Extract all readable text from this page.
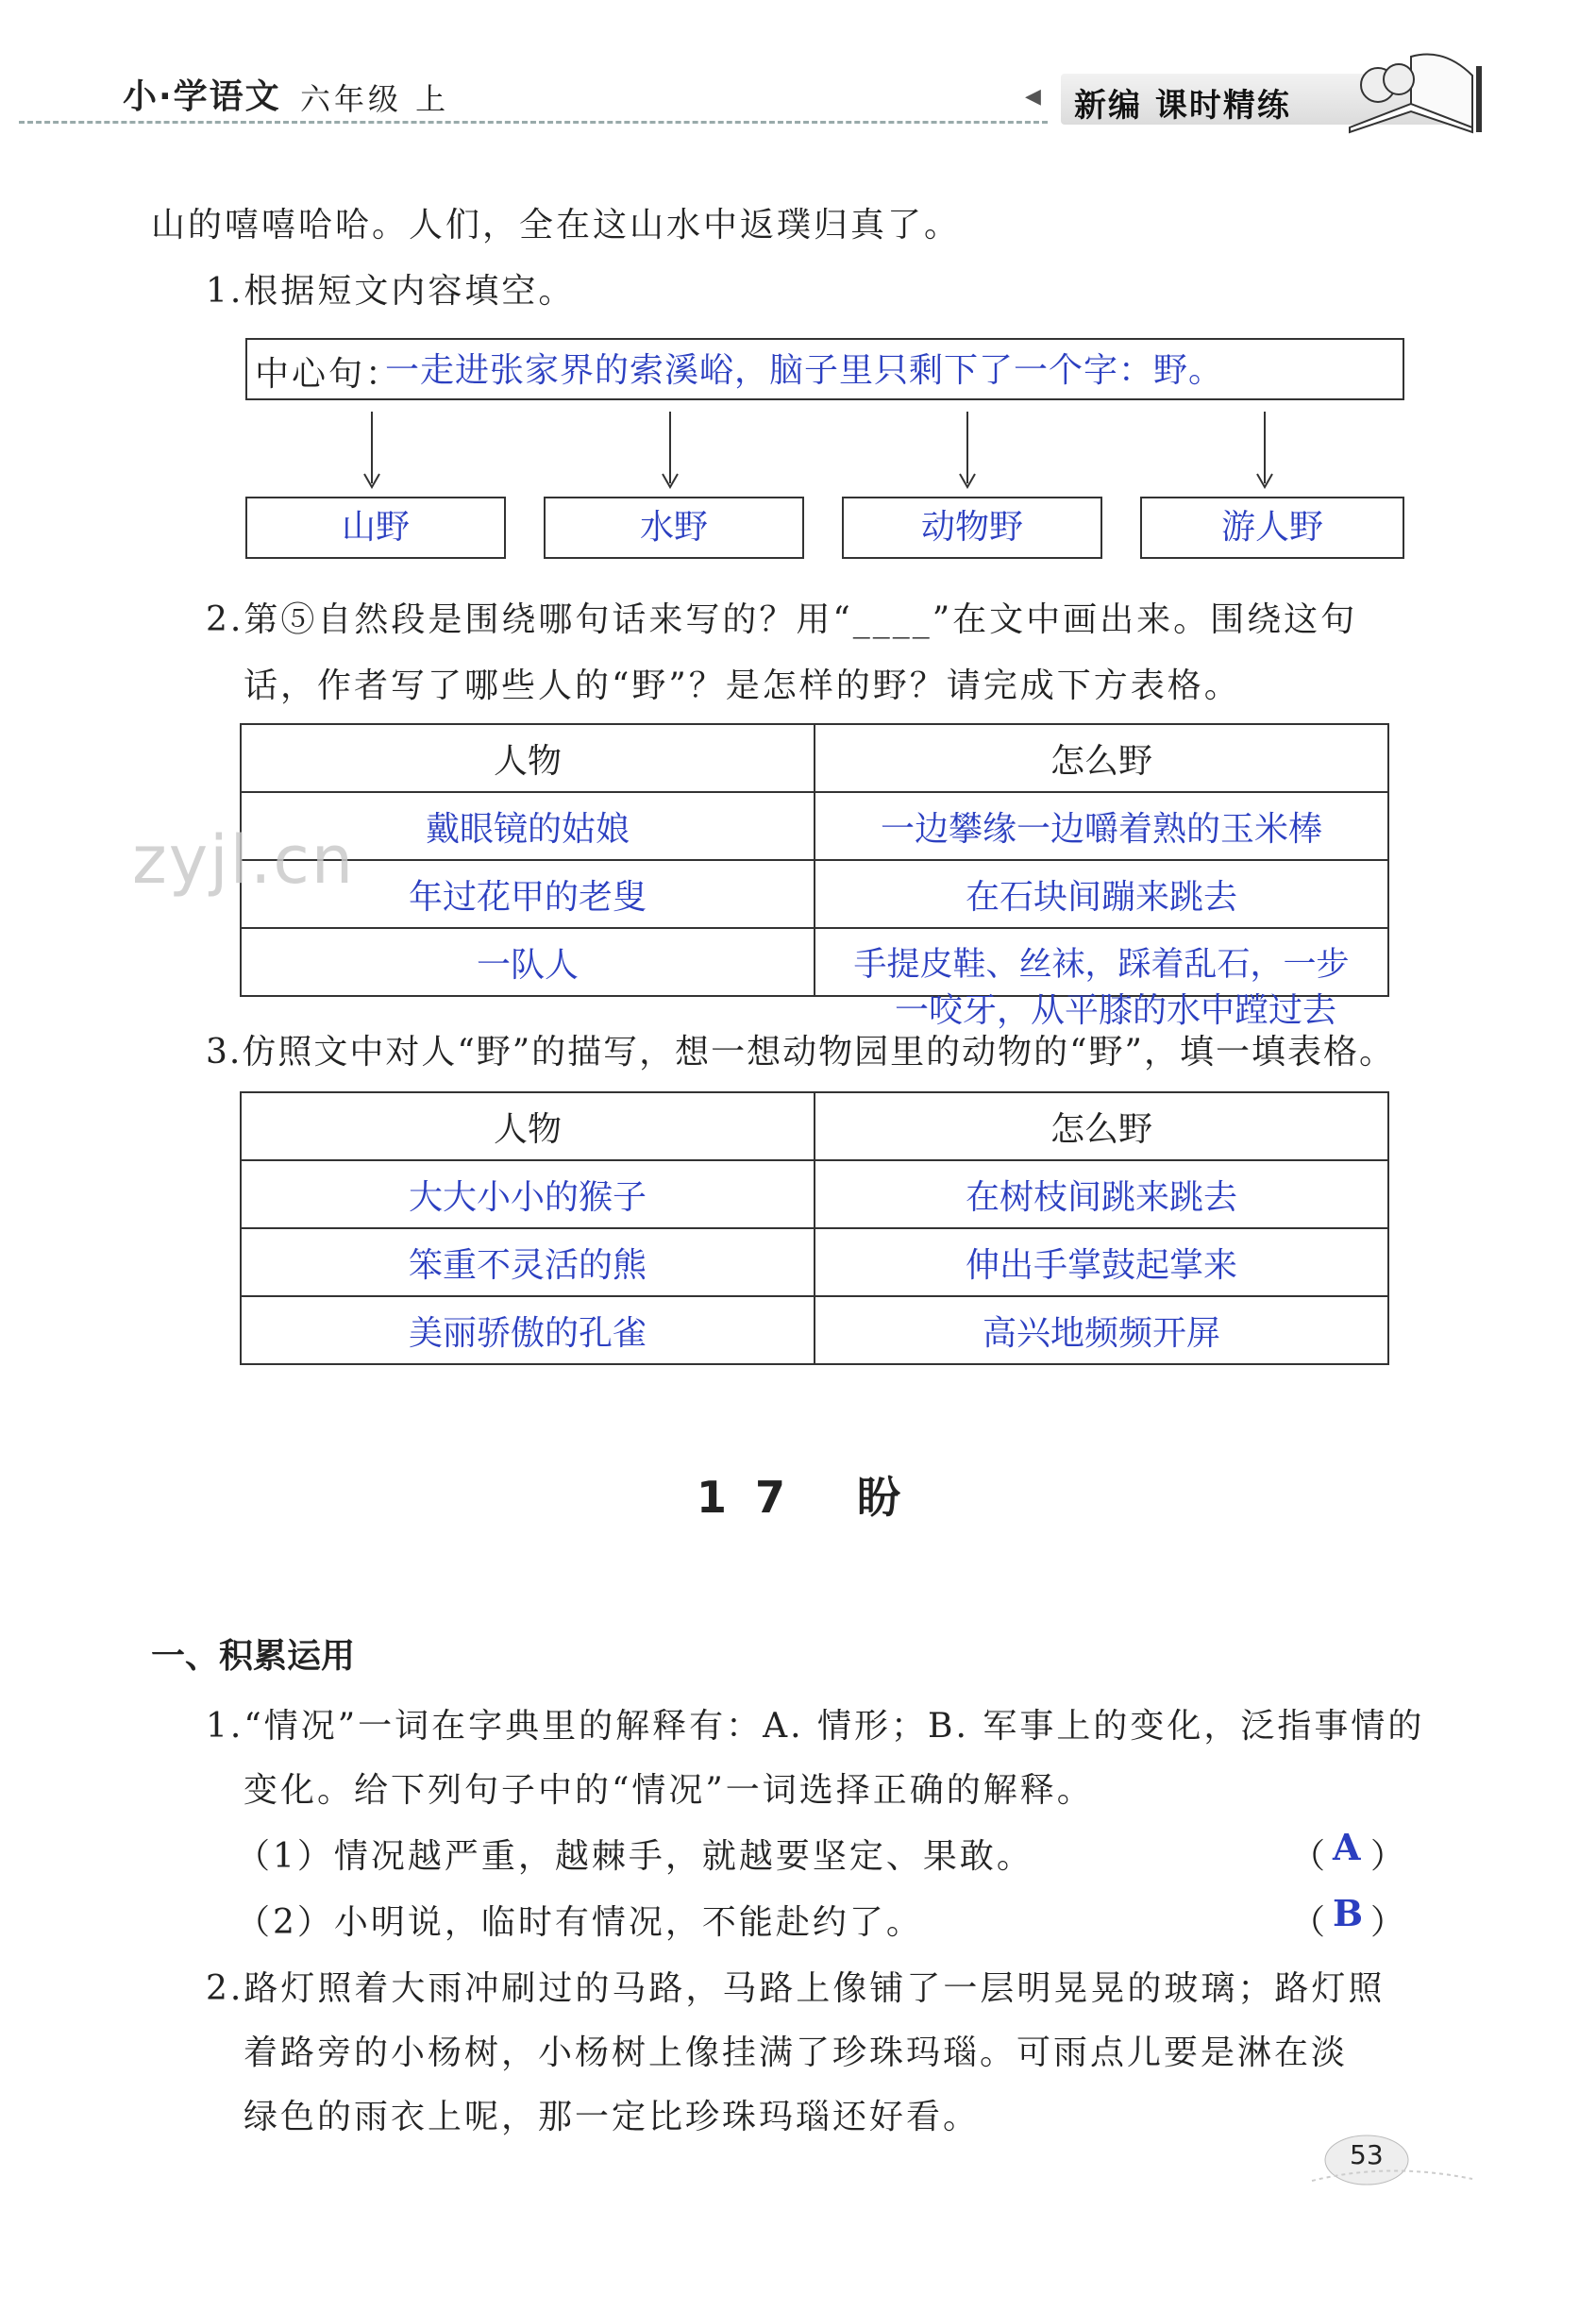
小·学语文 六年级 上	◀ 新编 课时精练
山的嘻嘻哈哈。人们，全在这山水中返璞归真了。
1.根据短文内容填空。
中心句：
一走进张家界的索溪峪，脑子里只剩下了一个字：野。
山野	水野	动物野	游人野
2.第⑤自然段是围绕哪句话来写的？用“____”在文中画出来。围绕这句
话，作者写了哪些人的“野”？是怎样的野？请完成下方表格。
人物	怎么野
戴眼镜的姑娘	一边攀缘一边嚼着熟的玉米棒
年过花甲的老叟	在石块间蹦来跳去
一队人	手提皮鞋、丝袜，踩着乱石，一步
一咬牙，从平膝的水中蹚过去
zyjl.cn
3.仿照文中对人“野”的描写，想一想动物园里的动物的“野”，填一填表格。
人物	怎么野
大大小小的猴子	在树枝间跳来跳去
笨重不灵活的熊	伸出手掌鼓起掌来
美丽骄傲的孔雀	高兴地频频开屏
17 盼
一、积累运用
1.“情况”一词在字典里的解释有：A. 情形；B. 军事上的变化，泛指事情的
变化。给下列句子中的“情况”一词选择正确的解释。
（1）情况越严重，越棘手，就越要坚定、果敢。	（ A ）
（2）小明说，临时有情况，不能赴约了。	（ B ）
2.路灯照着大雨冲刷过的马路，马路上像铺了一层明晃晃的玻璃；路灯照
着路旁的小杨树，小杨树上像挂满了珍珠玛瑙。可雨点儿要是淋在淡
绿色的雨衣上呢，那一定比珍珠玛瑙还好看。
53
